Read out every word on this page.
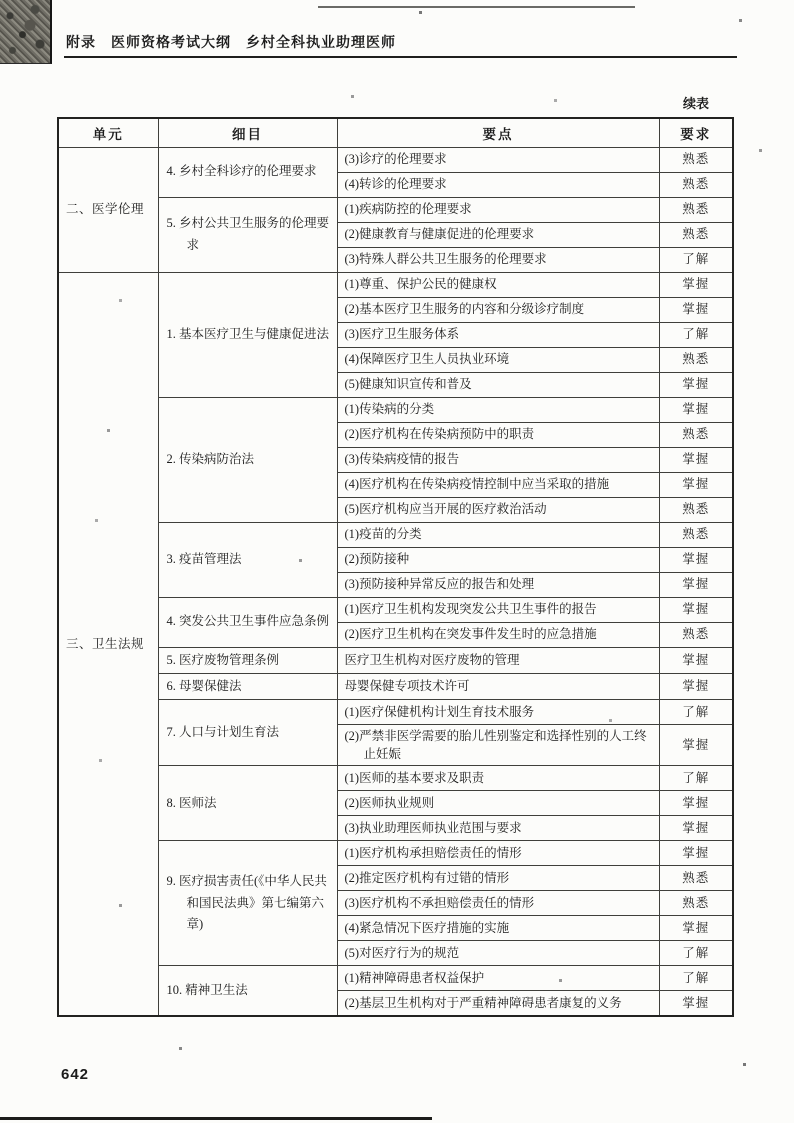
附录　医师资格考试大纲　乡村全科执业助理医师
续表
单元	细目	要点	要求
二、医学伦理	4. 乡村全科诊疗的伦理要求	(3)诊疗的伦理要求	熟悉
		(4)转诊的伦理要求	熟悉
	5. 乡村公共卫生服务的伦理要求	(1)疾病防控的伦理要求	熟悉
		(2)健康教育与健康促进的伦理要求	熟悉
		(3)特殊人群公共卫生服务的伦理要求	了解
三、卫生法规	1. 基本医疗卫生与健康促进法	(1)尊重、保护公民的健康权	掌握
		(2)基本医疗卫生服务的内容和分级诊疗制度	掌握
		(3)医疗卫生服务体系	了解
		(4)保障医疗卫生人员执业环境	熟悉
		(5)健康知识宣传和普及	掌握
	2. 传染病防治法	(1)传染病的分类	掌握
		(2)医疗机构在传染病预防中的职责	熟悉
		(3)传染病疫情的报告	掌握
		(4)医疗机构在传染病疫情控制中应当采取的措施	掌握
		(5)医疗机构应当开展的医疗救治活动	熟悉
	3. 疫苗管理法	(1)疫苗的分类	熟悉
		(2)预防接种	掌握
		(3)预防接种异常反应的报告和处理	掌握
	4. 突发公共卫生事件应急条例	(1)医疗卫生机构发现突发公共卫生事件的报告	掌握
		(2)医疗卫生机构在突发事件发生时的应急措施	熟悉
	5. 医疗废物管理条例	医疗卫生机构对医疗废物的管理	掌握
	6. 母婴保健法	母婴保健专项技术许可	掌握
	7. 人口与计划生育法	(1)医疗保健机构计划生育技术服务	了解
		(2)严禁非医学需要的胎儿性别鉴定和选择性别的人工终止妊娠	掌握
	8. 医师法	(1)医师的基本要求及职责	了解
		(2)医师执业规则	掌握
		(3)执业助理医师执业范围与要求	掌握
	9. 医疗损害责任(《中华人民共和国民法典》第七编第六章)	(1)医疗机构承担赔偿责任的情形	掌握
		(2)推定医疗机构有过错的情形	熟悉
		(3)医疗机构不承担赔偿责任的情形	熟悉
		(4)紧急情况下医疗措施的实施	掌握
		(5)对医疗行为的规范	了解
	10. 精神卫生法	(1)精神障碍患者权益保护	了解
		(2)基层卫生机构对于严重精神障碍患者康复的义务	掌握
642
